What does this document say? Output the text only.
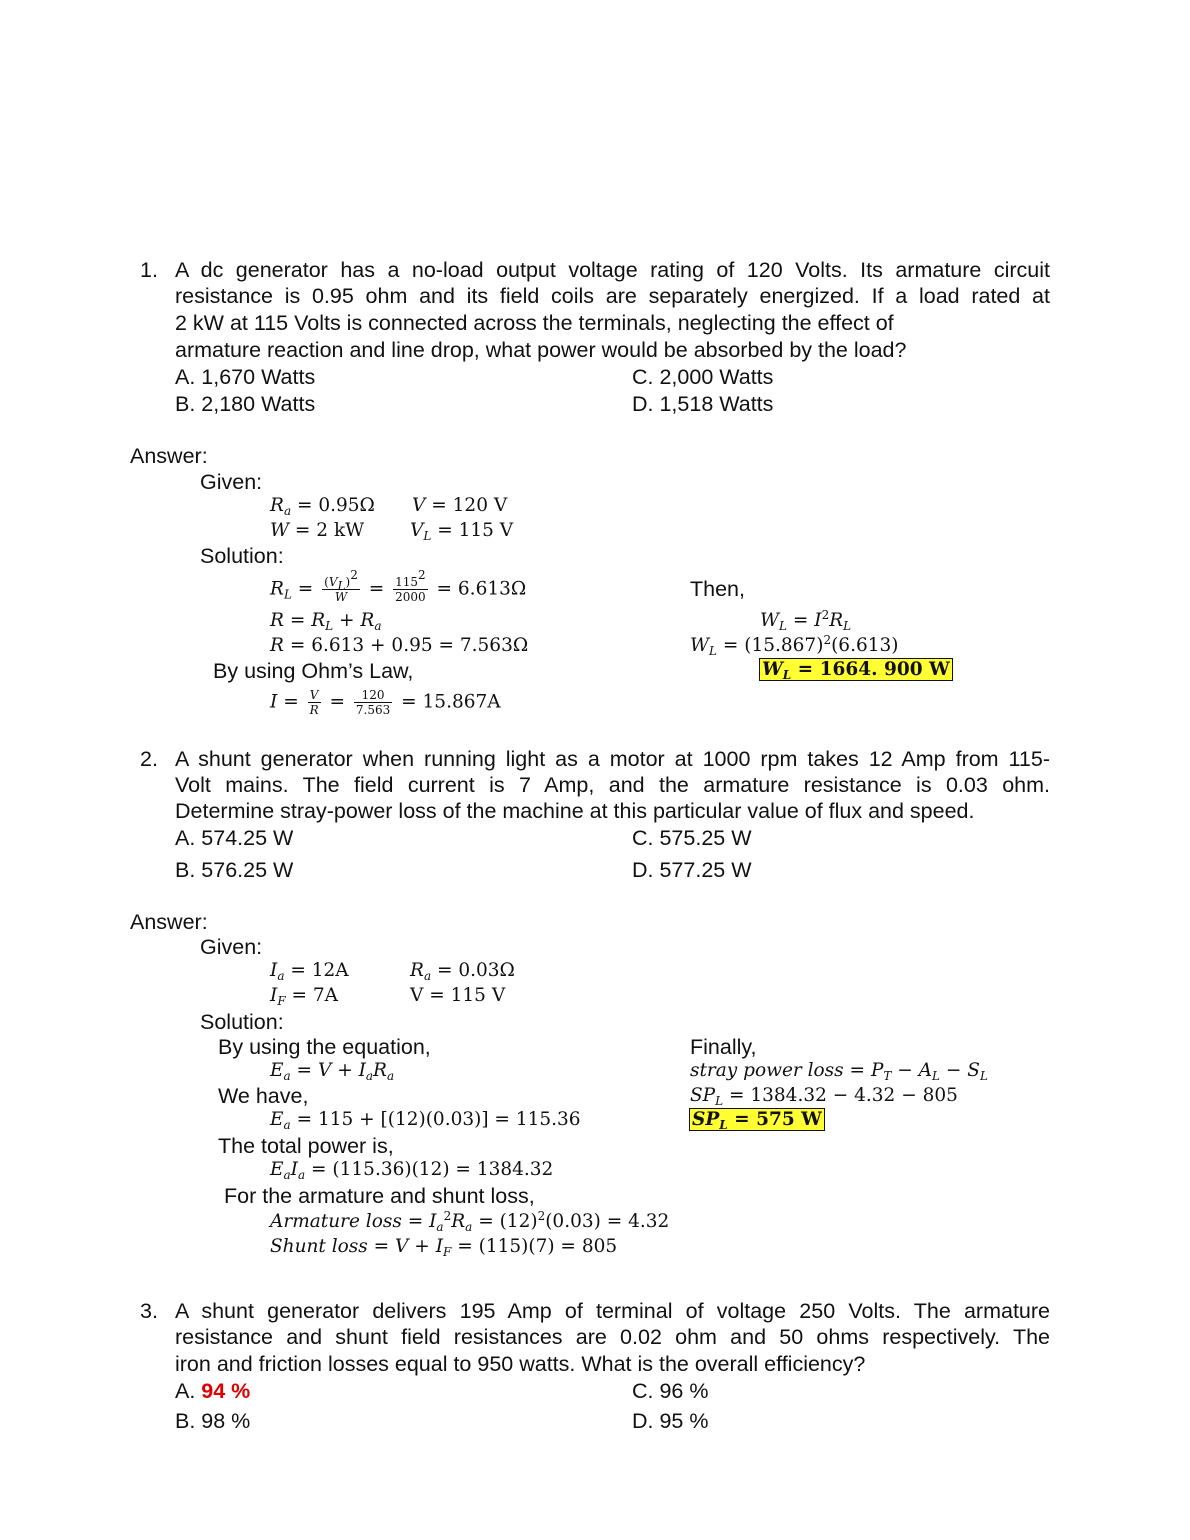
1. A dc generator has a no-load output voltage rating of 120 Volts. Its armature circuit
resistance is 0.95 ohm and its field coils are separately energized. If a load rated at
2 kW at 115 Volts is connected across the terminals, neglecting the effect of
armature reaction and line drop, what power would be absorbed by the load?
A. 1,670 Watts	C. 2,000 Watts
B. 2,180 Watts	D. 1,518 Watts
Answer:
Given:
$R_a = 0.95\Omega$ V = 120 V
W = 2 kW $V_L = 115$ V
Solution:
$R_L = \frac{(V_L)^2}{W} = \frac{115^2}{2000} = 6.613\Omega$
$R = R_L + R_a$
R = 6.613 + 0.95 = 7.563Ω
By using Ohm’s Law,
$I = \frac{V}{R} = \frac{120}{7.563} = 15.867A$
Then,
$W_L = I^2R_L$
$W_L = (15.867)^2(6.613)$
$W_L = 1664$. 900 W
2. A shunt generator when running light as a motor at 1000 rpm takes 12 Amp from 115-
Volt mains. The field current is 7 Amp, and the armature resistance is 0.03 ohm.
Determine stray-power loss of the machine at this particular value of flux and speed.
A. 574.25 W	C. 575.25 W
B. 576.25 W	D. 577.25 W
Answer:
Given:
$I_a = 12A$	$R_a = 0.03\Omega$
$I_F = 7A$	V = 115 V
Solution:
By using the equation,
$E_a = V + I_aR_a$
We have,
$E_a = 115 + [(12)(0.03)] = 115.36$
The total power is,
$E_aI_a = (115.36)(12) = 1384.32$
For the armature and shunt loss,
Armature loss = $I_a^2R_a = (12)^2(0.03) = 4.32$
Shunt loss = $V + I_F = (115)(7) = 805$
Finally,
stray power loss = $P_T - A_L - S_L$
$SP_L = 1384.32 - 4.32 - 805$
$SP_L = 575$ W
3. A shunt generator delivers 195 Amp of terminal of voltage 250 Volts. The armature
resistance and shunt field resistances are 0.02 ohm and 50 ohms respectively. The
iron and friction losses equal to 950 watts. What is the overall efficiency?
A. 94 %	C. 96 %
B. 98 %	D. 95 %
